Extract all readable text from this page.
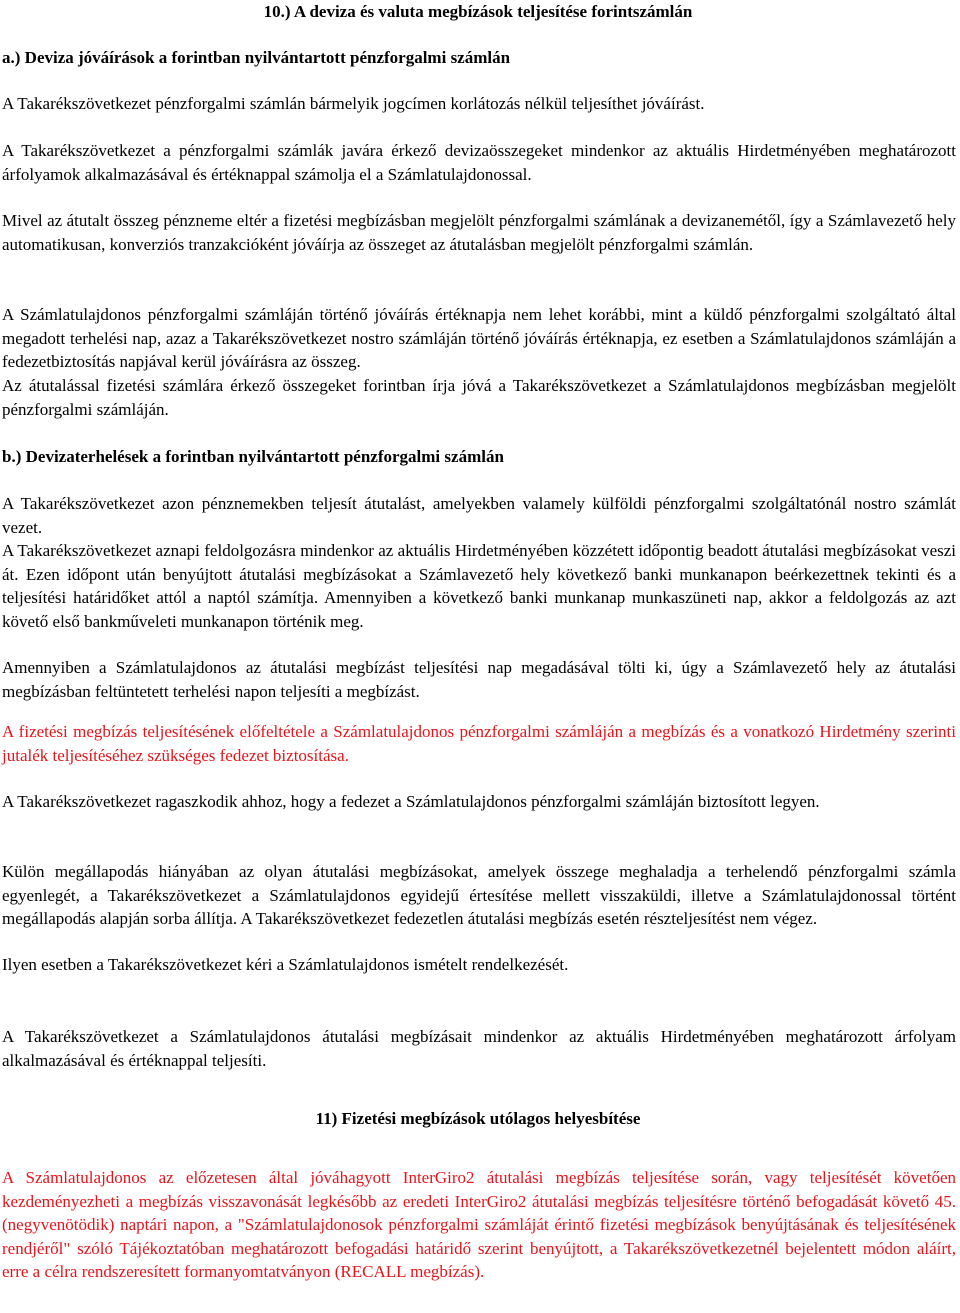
10.) A deviza és valuta megbízások teljesítése forintszámlán

a.) Deviza jóváírások a forintban nyilvántartott pénzforgalmi számlán

A Takarékszövetkezet pénzforgalmi számlán bármelyik jogcímen korlátozás nélkül teljesíthet jóváírást.

A Takarékszövetkezet a pénzforgalmi számlák javára érkező devizaösszegeket mindenkor az aktuális Hirdetményében meghatározott árfolyamok alkalmazásával és értéknappal számolja el a Számlatulajdonossal.

Mivel az átutalt összeg pénzneme eltér a fizetési megbízásban megjelölt pénzforgalmi számlának a devizanemétől, így a Számlavezető hely automatikusan, konverziós tranzakcióként jóváírja az összeget az átutalásban megjelölt pénzforgalmi számlán.

A Számlatulajdonos pénzforgalmi számláján történő jóváírás értéknapja nem lehet korábbi, mint a küldő pénzforgalmi szolgáltató által megadott terhelési nap, azaz a Takarékszövetkezet nostro számláján történő jóváírás értéknapja, ez esetben a Számlatulajdonos számláján a fedezetbiztosítás napjával kerül jóváírásra az összeg.

Az átutalással fizetési számlára érkező összegeket forintban írja jóvá a Takarékszövetkezet a Számlatulajdonos megbízásban megjelölt pénzforgalmi számláján.

b.) Devizaterhelések a forintban nyilvántartott pénzforgalmi számlán

A Takarékszövetkezet azon pénznemekben teljesít átutalást, amelyekben valamely külföldi pénzforgalmi szolgáltatónál nostro számlát vezet.

A Takarékszövetkezet aznapi feldolgozásra mindenkor az aktuális Hirdetményében közzétett időpontig beadott átutalási megbízásokat veszi át. Ezen időpont után benyújtott átutalási megbízásokat a Számlavezető hely következő banki munkanapon beérkezettnek tekinti és a teljesítési határidőket attól a naptól számítja. Amennyiben a következő banki munkanap munkaszüneti nap, akkor a feldolgozás az azt követő első bankműveleti munkanapon történik meg.

Amennyiben a Számlatulajdonos az átutalási megbízást teljesítési nap megadásával tölti ki, úgy a Számlavezető hely az átutalási megbízásban feltüntetett terhelési napon teljesíti a megbízást.

A fizetési megbízás teljesítésének előfeltétele a Számlatulajdonos pénzforgalmi számláján a megbízás és a vonatkozó Hirdetmény szerinti jutalék teljesítéséhez szükséges fedezet biztosítása.

A Takarékszövetkezet ragaszkodik ahhoz, hogy a fedezet a Számlatulajdonos pénzforgalmi számláján biztosított legyen.

Külön megállapodás hiányában az olyan átutalási megbízásokat, amelyek összege meghaladja a terhelendő pénzforgalmi számla egyenlegét, a Takarékszövetkezet a Számlatulajdonos egyidejű értesítése mellett visszaküldi, illetve a Számlatulajdonossal történt megállapodás alapján sorba állítja. A Takarékszövetkezet fedezetlen átutalási megbízás esetén részteljesítést nem végez.

Ilyen esetben a Takarékszövetkezet kéri a Számlatulajdonos ismételt rendelkezését.

A Takarékszövetkezet a Számlatulajdonos átutalási megbízásait mindenkor az aktuális Hirdetményében meghatározott árfolyam alkalmazásával és értéknappal teljesíti.

11) Fizetési megbízások utólagos helyesbítése

A Számlatulajdonos az előzetesen által jóváhagyott InterGiro2 átutalási megbízás teljesítése során, vagy teljesítését követően kezdeményezheti a megbízás visszavonását legkésőbb az eredeti InterGiro2 átutalási megbízás teljesítésre történő befogadását követő 45. (negyvenötödik) naptári napon, a "Számlatulajdonosok pénzforgalmi számláját érintő fizetési megbízások benyújtásának és teljesítésének rendjéről" szóló Tájékoztatóban meghatározott befogadási határidő szerint benyújtott, a Takarékszövetkezetnél bejelentett módon aláírt, erre a célra rendszeresített formanyomtatványon (RECALL megbízás).
